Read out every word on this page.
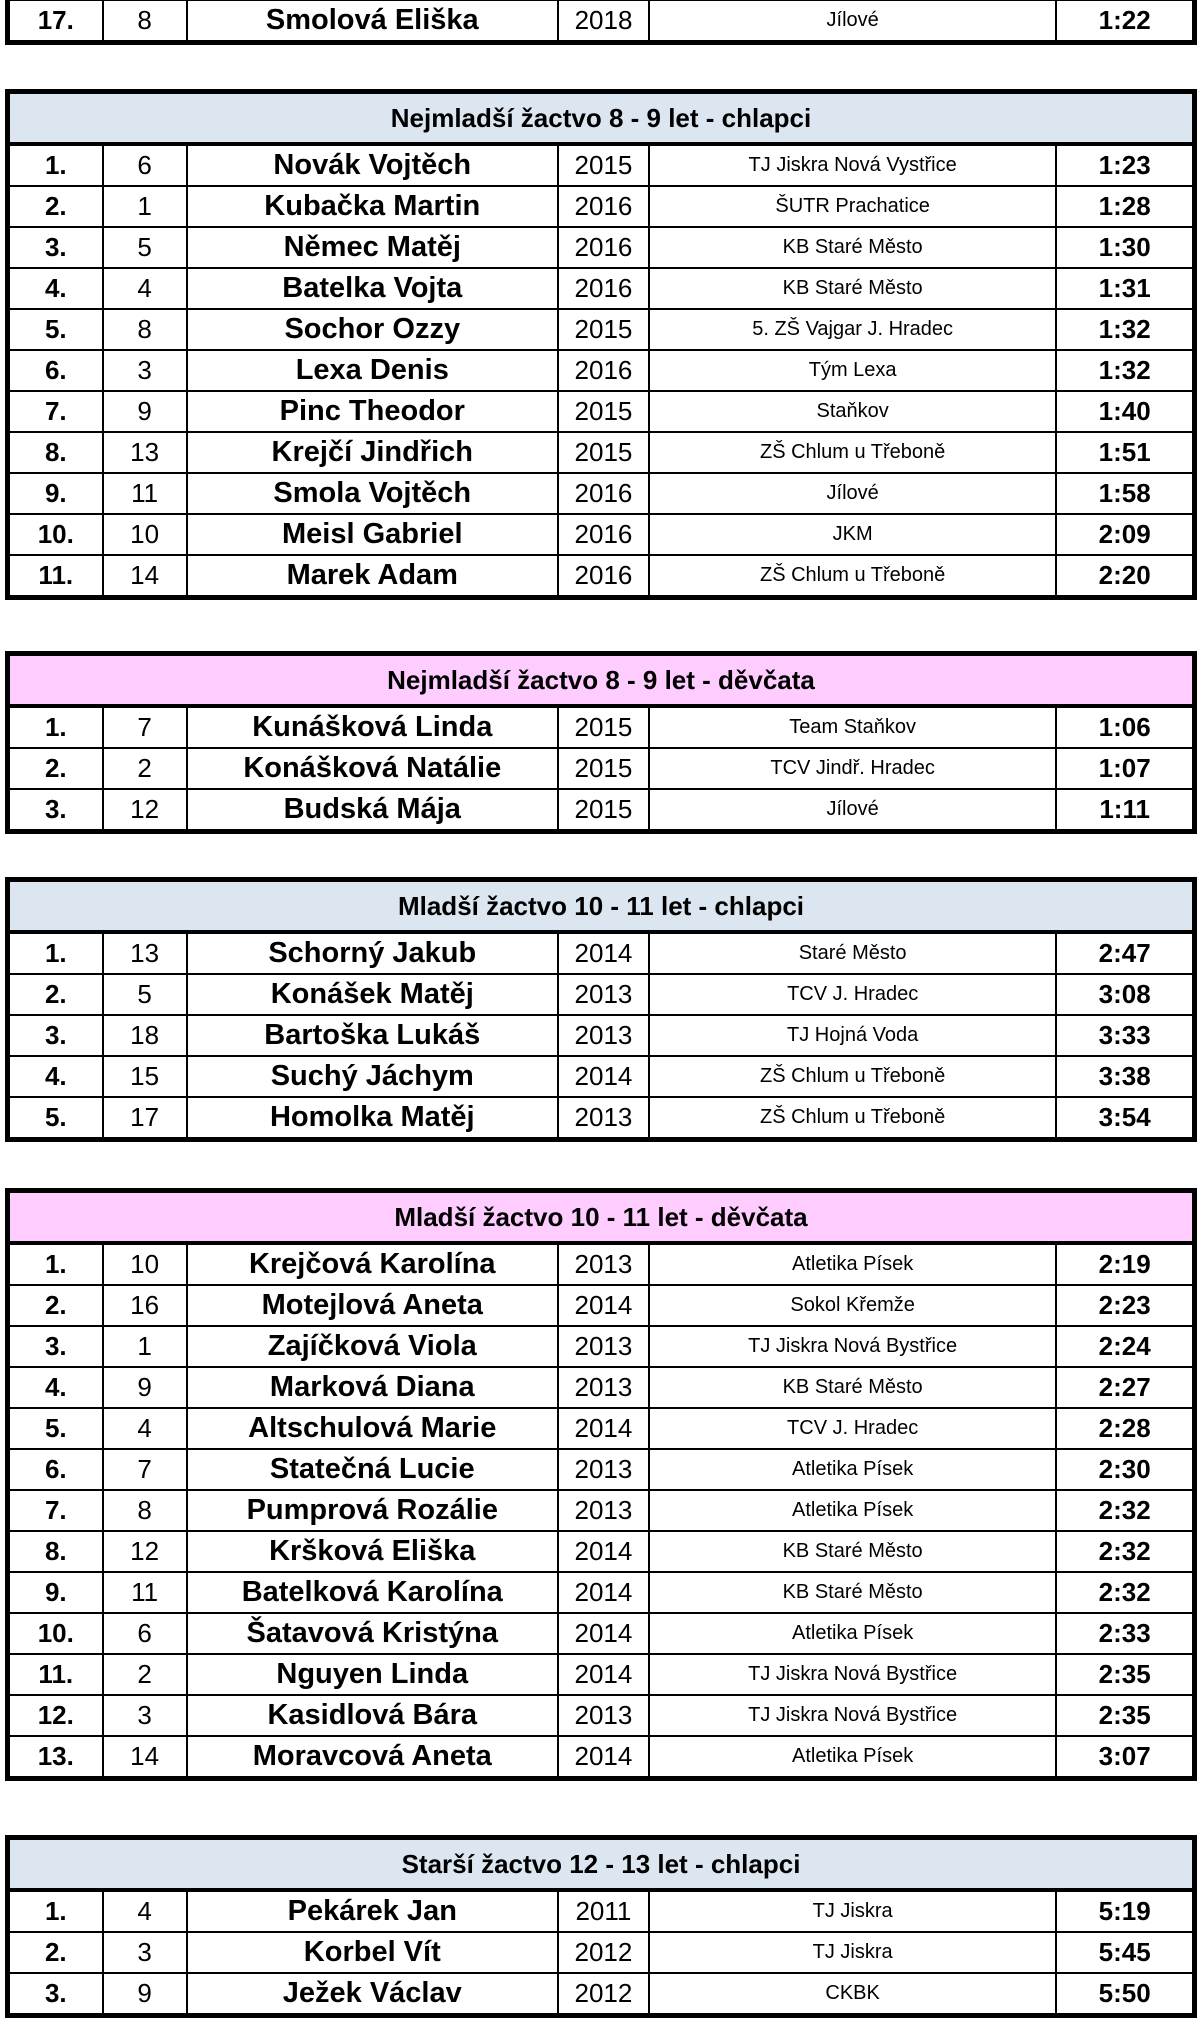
17.	8	Smolová Eliška	2018	Jílové	1:22
Nejmladší žactvo 8 - 9 let - chlapci					
1.	6	Novák Vojtěch	2015	TJ Jiskra Nová Vystřice	1:23
2.	1	Kubačka Martin	2016	ŠUTR Prachatice	1:28
3.	5	Němec Matěj	2016	KB Staré Město	1:30
4.	4	Batelka Vojta	2016	KB Staré Město	1:31
5.	8	Sochor Ozzy	2015	5. ZŠ Vajgar J. Hradec	1:32
6.	3	Lexa Denis	2016	Tým Lexa	1:32
7.	9	Pinc Theodor	2015	Staňkov	1:40
8.	13	Krejčí Jindřich	2015	ZŠ Chlum u Třeboně	1:51
9.	11	Smola Vojtěch	2016	Jílové	1:58
10.	10	Meisl Gabriel	2016	JKM	2:09
11.	14	Marek Adam	2016	ZŠ Chlum u Třeboně	2:20
Nejmladší žactvo 8 - 9 let - děvčata					
1.	7	Kunášková Linda	2015	Team Staňkov	1:06
2.	2	Konášková Natálie	2015	TCV Jindř. Hradec	1:07
3.	12	Budská Mája	2015	Jílové	1:11
Mladší žactvo 10 - 11 let - chlapci					
1.	13	Schorný Jakub	2014	Staré Město	2:47
2.	5	Konášek Matěj	2013	TCV J. Hradec	3:08
3.	18	Bartoška Lukáš	2013	TJ Hojná Voda	3:33
4.	15	Suchý Jáchym	2014	ZŠ Chlum u Třeboně	3:38
5.	17	Homolka Matěj	2013	ZŠ Chlum u Třeboně	3:54
Mladší žactvo 10 - 11 let - děvčata					
1.	10	Krejčová Karolína	2013	Atletika Písek	2:19
2.	16	Motejlová Aneta	2014	Sokol Křemže	2:23
3.	1	Zajíčková Viola	2013	TJ Jiskra Nová Bystřice	2:24
4.	9	Marková Diana	2013	KB Staré Město	2:27
5.	4	Altschulová Marie	2014	TCV J. Hradec	2:28
6.	7	Statečná Lucie	2013	Atletika Písek	2:30
7.	8	Pumprová Rozálie	2013	Atletika Písek	2:32
8.	12	Kršková Eliška	2014	KB Staré Město	2:32
9.	11	Batelková Karolína	2014	KB Staré Město	2:32
10.	6	Šatavová Kristýna	2014	Atletika Písek	2:33
11.	2	Nguyen Linda	2014	TJ Jiskra Nová Bystřice	2:35
12.	3	Kasidlová Bára	2013	TJ Jiskra Nová Bystřice	2:35
13.	14	Moravcová Aneta	2014	Atletika Písek	3:07
Starší žactvo 12 - 13 let - chlapci					
1.	4	Pekárek Jan	2011	TJ Jiskra	5:19
2.	3	Korbel Vít	2012	TJ Jiskra	5:45
3.	9	Ježek Václav	2012	CKBK	5:50
